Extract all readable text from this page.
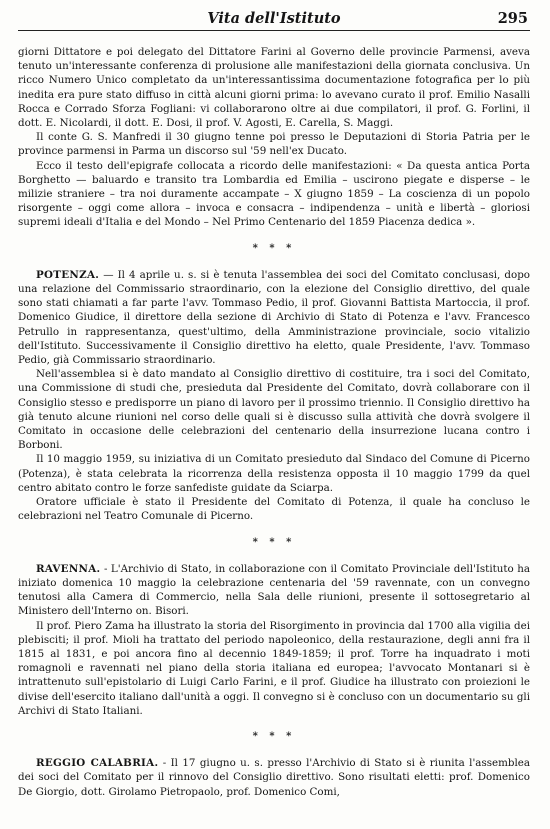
Vita dell'Istituto	295

giorni Dittatore e poi delegato del Dittatore Farini al Governo delle provincie Parmensi, aveva tenuto un'interessante conferenza di prolusione alle manifestazioni della giornata conclusiva. Un ricco Numero Unico completato da un'interessantissima documentazione fotografica per lo più inedita era pure stato diffuso in città alcuni giorni prima: lo avevano curato il prof. Emilio Nasalli Rocca e Corrado Sforza Fogliani: vi collaborarono oltre ai due compilatori, il prof. G. Forlini, il dott. E. Nicolardi, il dott. E. Dosi, il prof. V. Agosti, E. Carella, S. Maggi.

Il conte G. S. Manfredi il 30 giugno tenne poi presso le Deputazioni di Storia Patria per le province parmensi in Parma un discorso sul '59 nell'ex Ducato.

Ecco il testo dell'epigrafe collocata a ricordo delle manifestazioni: « Da questa antica Porta Borghetto — baluardo e transito tra Lombardia ed Emilia – uscirono piegate e disperse – le milizie straniere – tra noi duramente accampate – X giugno 1859 – La coscienza di un popolo risorgente – oggi come allora – invoca e consacra – indipendenza – unità e libertà – gloriosi supremi ideali d'Italia e del Mondo – Nel Primo Centenario del 1859 Piacenza dedica ».

* * *

POTENZA. — Il 4 aprile u. s. si è tenuta l'assemblea dei soci del Comitato conclusasi, dopo una relazione del Commissario straordinario, con la elezione del Consiglio direttivo, del quale sono stati chiamati a far parte l'avv. Tommaso Pedio, il prof. Giovanni Battista Martoccia, il prof. Domenico Giudice, il direttore della sezione di Archivio di Stato di Potenza e l'avv. Francesco Petrullo in rappresentanza, quest'ultimo, della Amministrazione provinciale, socio vitalizio dell'Istituto. Successivamente il Consiglio direttivo ha eletto, quale Presidente, l'avv. Tommaso Pedio, già Commissario straordinario.

Nell'assemblea si è dato mandato al Consiglio direttivo di costituire, tra i soci del Comitato, una Commissione di studi che, presieduta dal Presidente del Comitato, dovrà collaborare con il Consiglio stesso e predisporre un piano di lavoro per il prossimo triennio. Il Consiglio direttivo ha già tenuto alcune riunioni nel corso delle quali si è discusso sulla attività che dovrà svolgere il Comitato in occasione delle celebrazioni del centenario della insurrezione lucana contro i Borboni.

Il 10 maggio 1959, su iniziativa di un Comitato presieduto dal Sindaco del Comune di Picerno (Potenza), è stata celebrata la ricorrenza della resistenza opposta il 10 maggio 1799 da quel centro abitato contro le forze sanfediste guidate da Sciarpa.

Oratore ufficiale è stato il Presidente del Comitato di Potenza, il quale ha concluso le celebrazioni nel Teatro Comunale di Picerno.

* * *

RAVENNA. - L'Archivio di Stato, in collaborazione con il Comitato Provinciale dell'Istituto ha iniziato domenica 10 maggio la celebrazione centenaria del '59 ravennate, con un convegno tenutosi alla Camera di Commercio, nella Sala delle riunioni, presente il sottosegretario al Ministero dell'Interno on. Bisori.

Il prof. Piero Zama ha illustrato la storia del Risorgimento in provincia dal 1700 alla vigilia dei plebisciti; il prof. Mioli ha trattato del periodo napoleonico, della restaurazione, degli anni fra il 1815 al 1831, e poi ancora fino al decennio 1849-1859; il prof. Torre ha inquadrato i moti romagnoli e ravennati nel piano della storia italiana ed europea; l'avvocato Montanari si è intrattenuto sull'epistolario di Luigi Carlo Farini, e il prof. Giudice ha illustrato con proiezioni le divise dell'esercito italiano dall'unità a oggi. Il convegno si è concluso con un documentario su gli Archivi di Stato Italiani.

* * *

REGGIO CALABRIA. - Il 17 giugno u. s. presso l'Archivio di Stato si è riunita l'assemblea dei soci del Comitato per il rinnovo del Consiglio direttivo. Sono risultati eletti: prof. Domenico De Giorgio, dott. Girolamo Pietropaolo, prof. Domenico Comi,
